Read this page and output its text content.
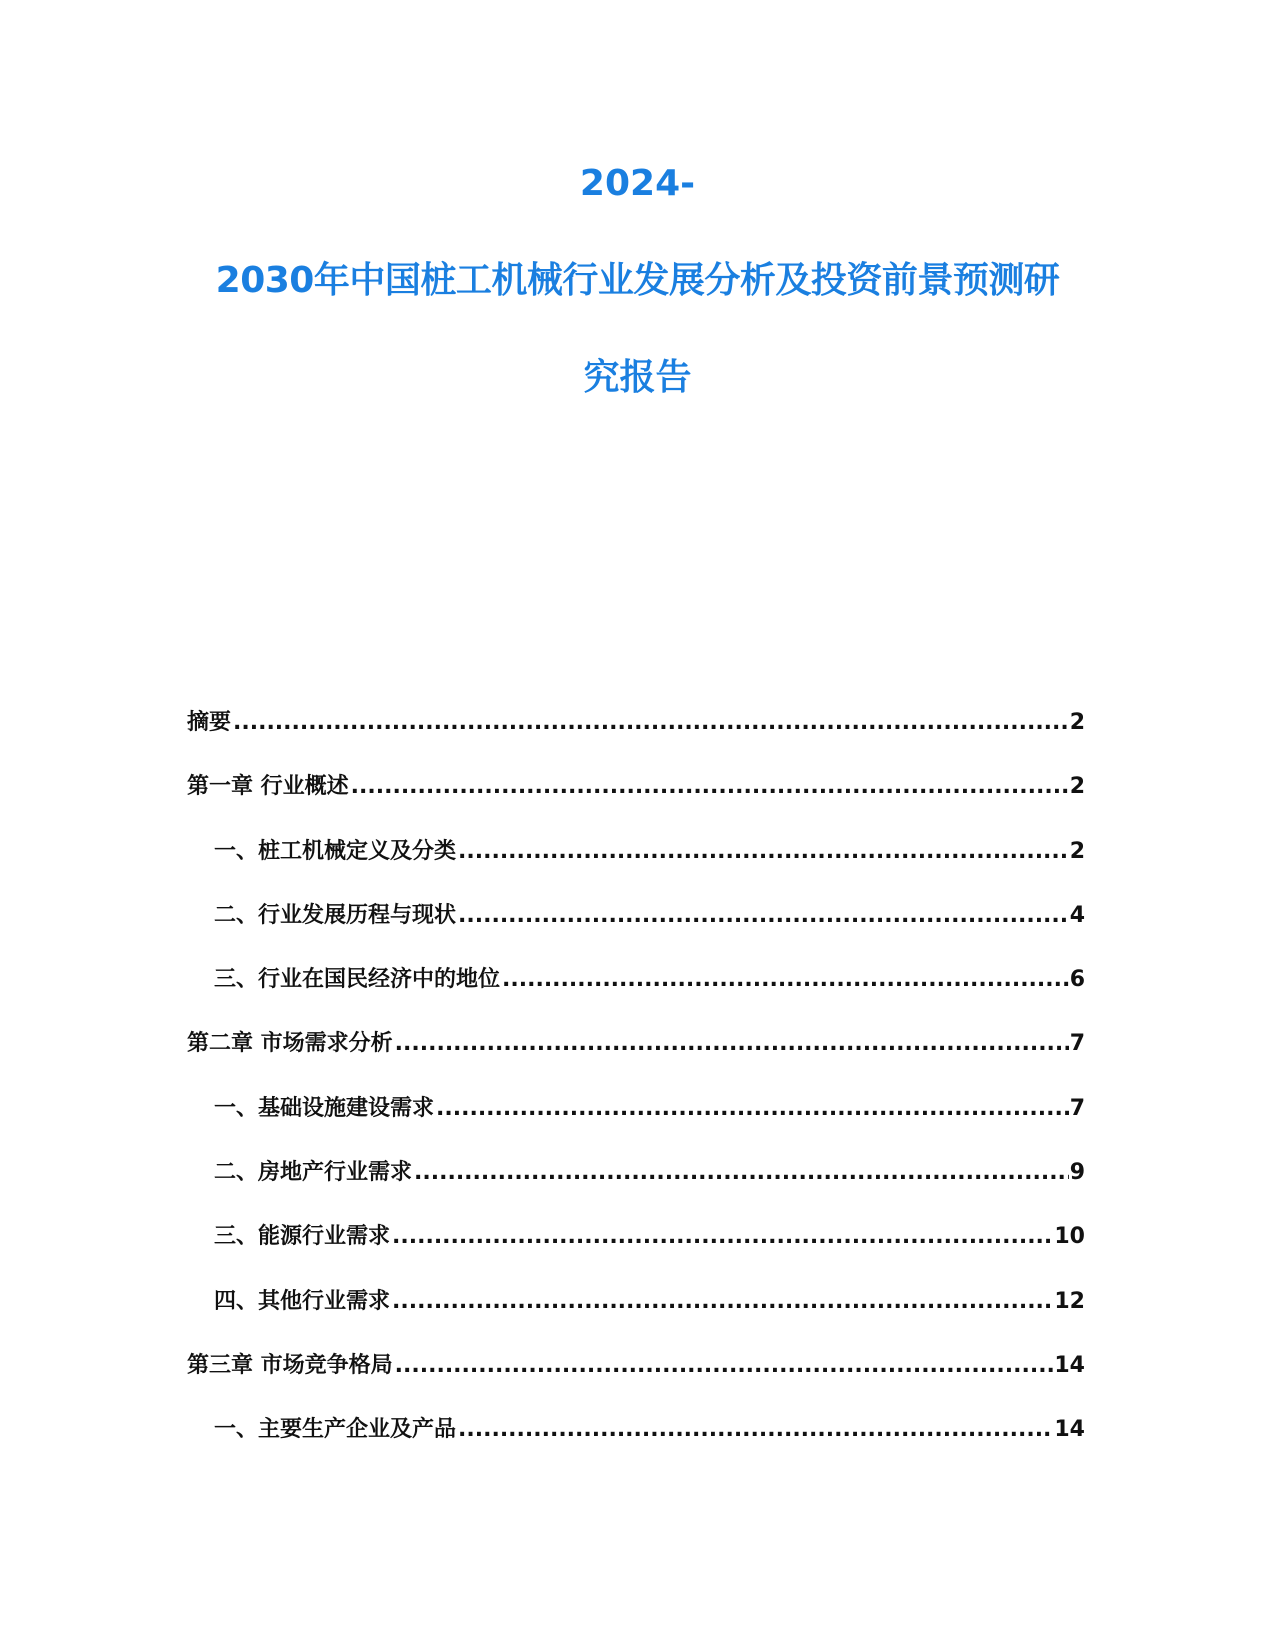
2024-
2030年中国桩工机械行业发展分析及投资前景预测研
究报告
摘要 .....	2
第一章 行业概述 .....	2
一、 桩工机械定义及分类 .....	2
二、 行业发展历程与现状 .....	4
三、 行业在国民经济中的地位 .....	6
第二章 市场需求分析 .....	7
一、 基础设施建设需求 .....	7
二、 房地产行业需求 .....	9
三、 能源行业需求 .....	10
四、 其他行业需求 .....	12
第三章 市场竞争格局 .....	14
一、 主要生产企业及产品 .....	14
